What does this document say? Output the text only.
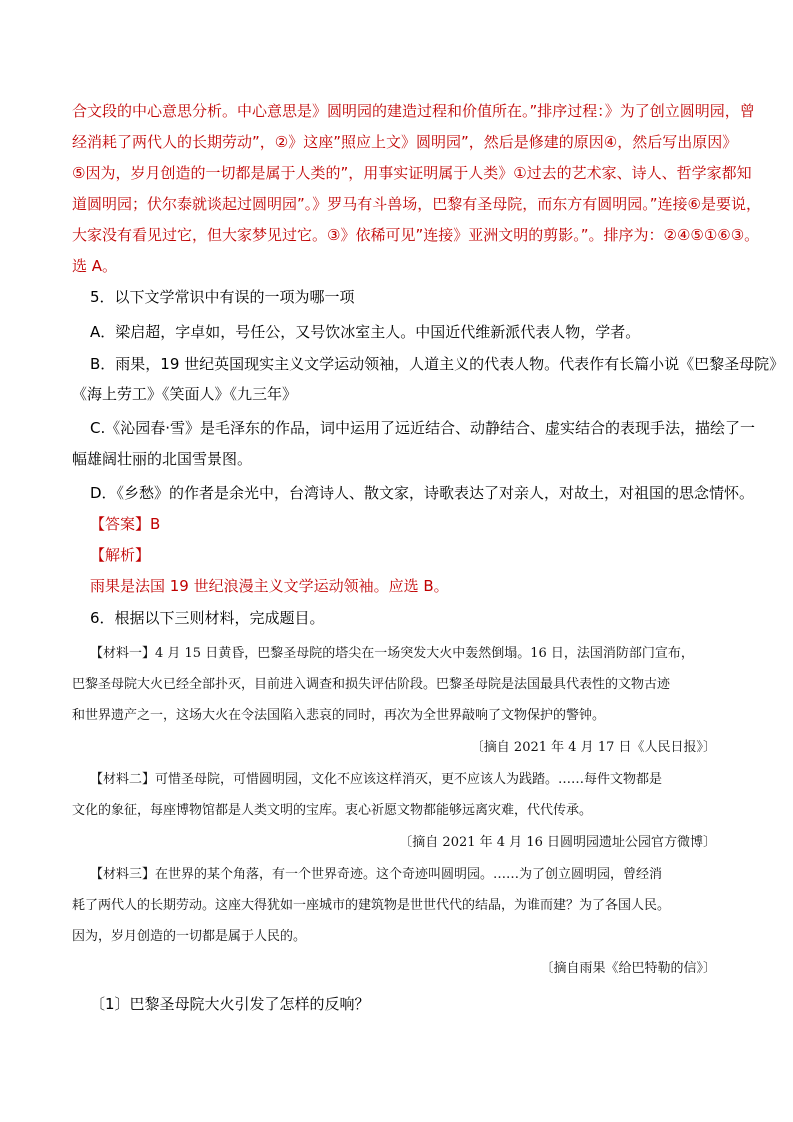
合文段的中心意思分析。中心意思是》圆明园的建造过程和价值所在。”排序过程：》为了创立圆明园，曾
经消耗了两代人的长期劳动”，②》这座”照应上文》圆明园”，然后是修建的原因④，然后写出原因》
⑤因为，岁月创造的一切都是属于人类的”，用事实证明属于人类》①过去的艺术家、诗人、哲学家都知
道圆明园；伏尔泰就谈起过圆明园”。》罗马有斗兽场，巴黎有圣母院，而东方有圆明园。”连接⑥是要说，
大家没有看见过它，但大家梦见过它。③》依稀可见”连接》亚洲文明的剪影。”。排序为：②④⑤①⑥③。
选 A。
5．以下文学常识中有误的一项为哪一项
A．梁启超，字卓如，号任公，又号饮冰室主人。中国近代维新派代表人物，学者。
B．雨果，19 世纪英国现实主义文学运动领袖，人道主义的代表人物。代表作有长篇小说《巴黎圣母院》
《海上劳工》《笑面人》《九三年》
C.《沁园春·雪》是毛泽东的作品，词中运用了远近结合、动静结合、虚实结合的表现手法，描绘了一
幅雄阔壮丽的北国雪景图。
D．《乡愁》的作者是余光中，台湾诗人、散文家，诗歌表达了对亲人，对故土，对祖国的思念情怀。
【答案】B
【解析】
雨果是法国 19 世纪浪漫主义文学运动领袖。应选 B。
6．根据以下三则材料，完成题目。
【材料一】4 月 15 日黄昏，巴黎圣母院的塔尖在一场突发大火中轰然倒塌。16 日，法国消防部门宣布，
巴黎圣母院大火已经全部扑灭，目前进入调查和损失评估阶段。巴黎圣母院是法国最具代表性的文物古迹
和世界遗产之一，这场大火在令法国陷入悲哀的同时，再次为全世界敲响了文物保护的警钟。
〔摘自 2021 年 4 月 17 日《人民日报》〕
【材料二】可惜圣母院，可惜圆明园，文化不应该这样消灭，更不应该人为践踏。……每件文物都是
文化的象征，每座博物馆都是人类文明的宝库。衷心祈愿文物都能够远离灾难，代代传承。
〔摘自 2021 年 4 月 16 日圆明园遗址公园官方微博〕
【材料三】在世界的某个角落，有一个世界奇迹。这个奇迹叫圆明园。……为了创立圆明园，曾经消
耗了两代人的长期劳动。这座大得犹如一座城市的建筑物是世世代代的结晶，为谁而建？为了各国人民。
因为，岁月创造的一切都是属于人民的。
〔摘自雨果《给巴特勒的信》〕
〔1〕巴黎圣母院大火引发了怎样的反响？
